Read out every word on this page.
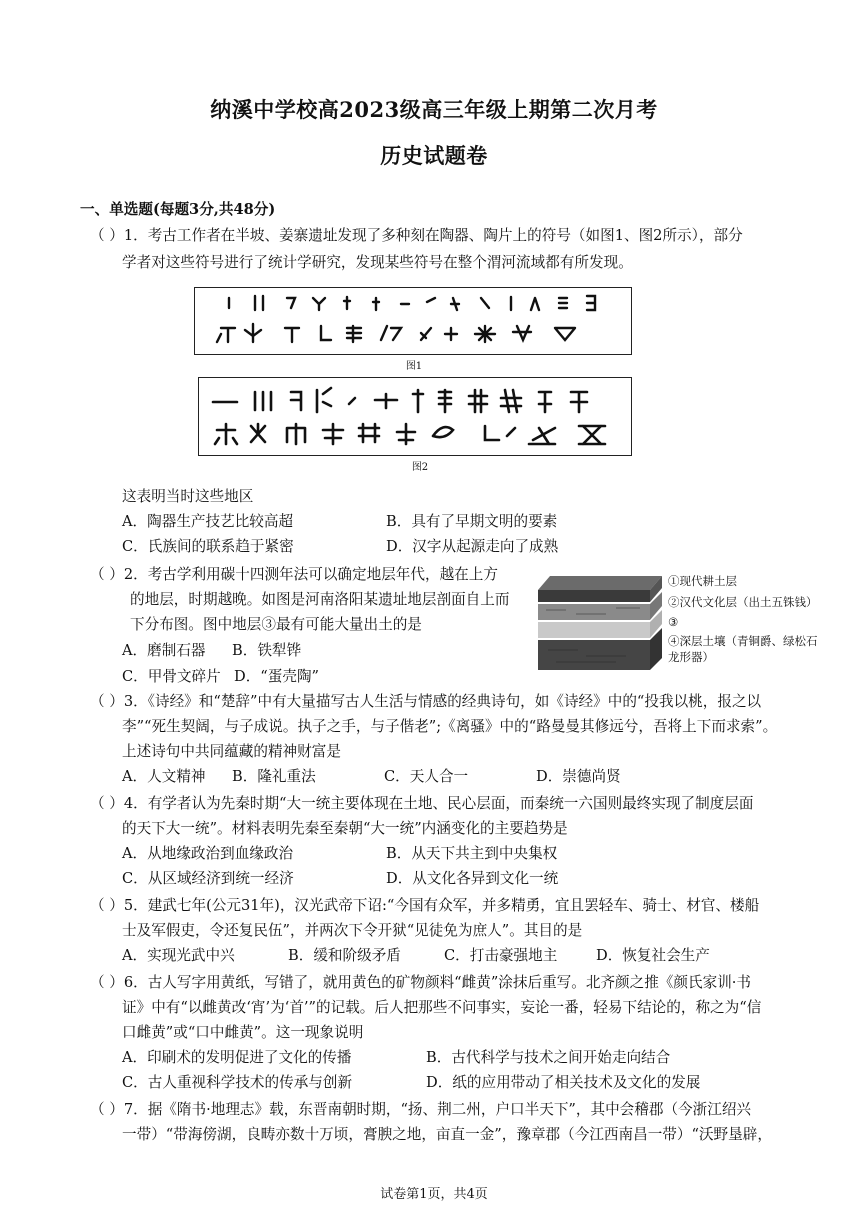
纳溪中学校高2023级高三年级上期第二次月考
历史试题卷
一、单选题(每题3分,共48分)
（ ）1．考古工作者在半坡、姜寨遗址发现了多种刻在陶器、陶片上的符号（如图1、图2所示），部分
学者对这些符号进行了统计学研究，发现某些符号在整个渭河流域都有所发现。
图1
图2
这表明当时这些地区
A．陶器生产技艺比较高超	B．具有了早期文明的要素
C．氏族间的联系趋于紧密	D．汉字从起源走向了成熟
（ ）2．考古学利用碳十四测年法可以确定地层年代，越在上方
的地层，时期越晚。如图是河南洛阳某遗址地层剖面自上而
下分布图。图中地层③最有可能大量出土的是
A．磨制石器 B．铁犁铧
C．甲骨文碎片 D．“蛋壳陶”
①现代耕土层
②汉代文化层（出土五铢钱）
③
④深层土壤（青铜爵、绿松石
龙形器）
（ ）3．《诗经》和“楚辞”中有大量描写古人生活与情感的经典诗句，如《诗经》中的“投我以桃，报之以
李”“死生契阔，与子成说。执子之手，与子偕老”;《离骚》中的“路曼曼其修远兮，吾将上下而求索”。
上述诗句中共同蕴藏的精神财富是
A．人文精神 B．隆礼重法	C．天人合一	D．崇德尚贤
（ ）4．有学者认为先秦时期“大一统主要体现在土地、民心层面，而秦统一六国则最终实现了制度层面
的天下大一统”。材料表明先秦至秦朝“大一统”内涵变化的主要趋势是
A．从地缘政治到血缘政治	B．从天下共主到中央集权
C．从区域经济到统一经济	D．从文化各异到文化一统
（ ）5．建武七年(公元31年)，汉光武帝下诏:“今国有众军，并多精勇，宜且罢轻车、骑士、材官、楼船
士及军假吏，令还复民伍”，并两次下令开狱“见徒免为庶人”。其目的是
A．实现光武中兴	B．缓和阶级矛盾	C．打击豪强地主	D．恢复社会生产
（ ）6．古人写字用黄纸，写错了，就用黄色的矿物颜料“雌黄”涂抹后重写。北齐颜之推《颜氏家训·书
证》中有“以雌黄改‘宵’为‘首’”的记载。后人把那些不问事实，妄论一番，轻易下结论的，称之为“信
口雌黄”或“口中雌黄”。这一现象说明
A．印刷术的发明促进了文化的传播	B．古代科学与技术之间开始走向结合
C．古人重视科学技术的传承与创新	D．纸的应用带动了相关技术及文化的发展
（ ）7．据《隋书·地理志》载，东晋南朝时期，“扬、荆二州，户口半天下”，其中会稽郡（今浙江绍兴
一带）“带海傍湖，良畴亦数十万顷，膏腴之地，亩直一金”，豫章郡（今江西南昌一带）“沃野垦辟，
试卷第1页，共4页
